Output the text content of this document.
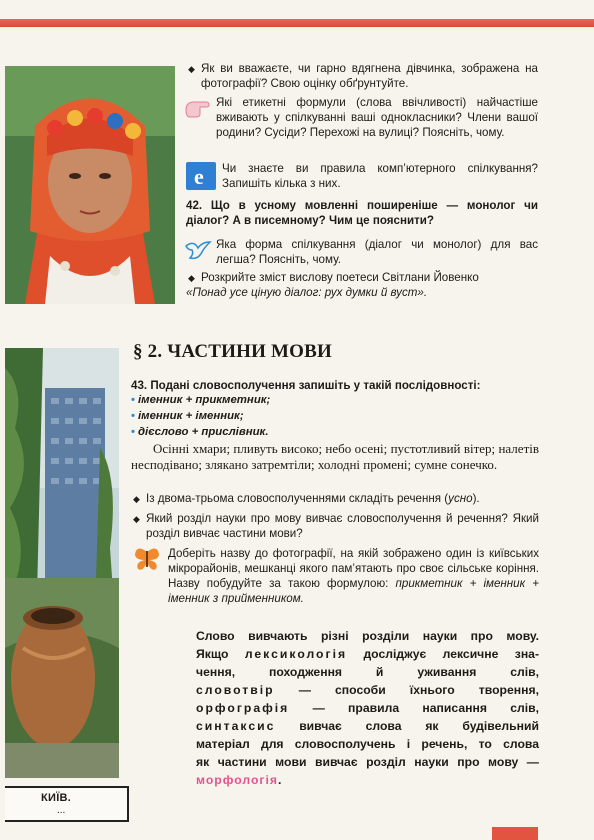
◆ Як ви вважаєте, чи гарно вдягнена дівчинка, зображена на фотографії? Свою оцінку обґрунтуйте.
Які етикетні формули (слова ввічливості) найчастіше вживають у спілкуванні ваші однокласники? Члени вашої родини? Сусіди? Перехожі на вулиці? Поясніть, чому.
e Чи знаєте ви правила комп’ютерного спілкування? Запишіть кілька з них.
42. Що в усному мовленні поширеніше — монолог чи діалог? А в писемному? Чим це пояснити?
Яка форма спілкування (діалог чи монолог) для вас легша? Поясніть, чому.
◆ Розкрийте зміст вислову поетеси Світлани Йовенко
«Понад усе ціную діалог: рух думки й вуст».
КИЇВ.
...
§ 2. ЧАСТИНИ МОВИ
43. Подані словосполучення запишіть у такій послідовності:
• іменник + прикметник;
• іменник + іменник;
• дієслово + прислівник.
Осінні хмари; пливуть високо; небо осені; пустотливий вітер; налетів несподівано; злякано затремтіли; холодні промені; сумне сонечко.
◆ Із двома-трьома словосполученнями складіть речення (усно).
◆ Який розділ науки про мову вивчає словосполучення й речення? Який розділ вивчає частини мови?
Доберіть назву до фотографії, на якій зображено один із київських мікрорайонів, мешканці якого пам’ятають про своє сільське коріння. Назву побудуйте за такою формулою: прикметник + іменник + іменник з прийменником.
Слово вивчають різні розділи науки про мову.
Якщо лексикологія досліджує лексичне зна-
чення, походження й уживання слів,
словотвір — способи їхнього творення,
орфографія — правила написання слів,
синтаксис вивчає слова як будівельний
матеріал для словосполучень і речень, то слова
як частини мови вивчає розділ науки про мову —
морфологія.
